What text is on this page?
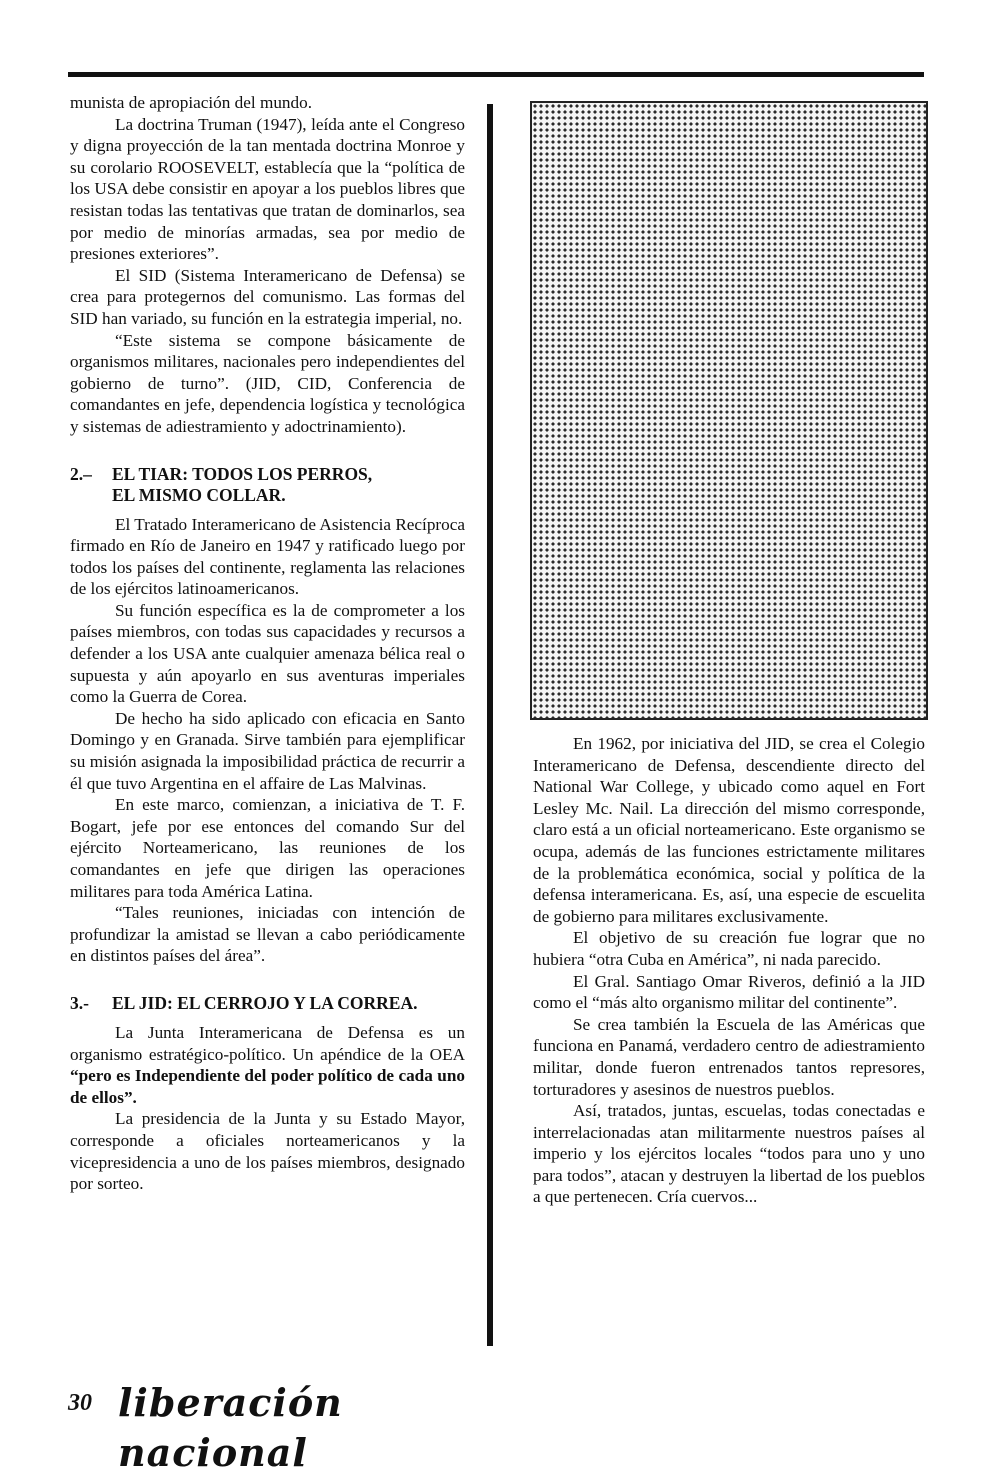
munista de apropiación del mundo.

La doctrina Truman (1947), leída ante el Congreso y digna proyección de la tan mentada doctrina Monroe y su corolario ROOSEVELT, establecía que la “política de los USA debe consistir en apoyar a los pueblos libres que resistan todas las tentativas que tratan de dominarlos, sea por medio de minorías armadas, sea por medio de presiones exteriores”.

El SID (Sistema Interamericano de Defensa) se crea para protegernos del comunismo. Las formas del SID han variado, su función en la estrategia imperial, no.

“Este sistema se compone básicamente de organismos militares, nacionales pero independientes del gobierno de turno”. (JID, CID, Conferencia de comandantes en jefe, dependencia logística y tecnológica y sistemas de adiestramiento y adoctrinamiento).

2.– EL TIAR: TODOS LOS PERROS,
EL MISMO COLLAR.

El Tratado Interamericano de Asistencia Recíproca firmado en Río de Janeiro en 1947 y ratificado luego por todos los países del continente, reglamenta las relaciones de los ejércitos latinoamericanos.

Su función específica es la de comprometer a los países miembros, con todas sus capacidades y recursos a defender a los USA ante cualquier amenaza bélica real o supuesta y aún apoyarlo en sus aventuras imperiales como la Guerra de Corea.

De hecho ha sido aplicado con eficacia en Santo Domingo y en Granada. Sirve también para ejemplificar su misión asignada la imposibilidad práctica de recurrir a él que tuvo Argentina en el affaire de Las Malvinas.

En este marco, comienzan, a iniciativa de T. F. Bogart, jefe por ese entonces del comando Sur del ejército Norteamericano, las reuniones de los comandantes en jefe que dirigen las operaciones militares para toda América Latina.

“Tales reuniones, iniciadas con intención de profundizar la amistad se llevan a cabo periódicamente en distintos países del área”.

3.- EL JID: EL CERROJO Y LA CORREA.

La Junta Interamericana de Defensa es un organismo estratégico-político. Un apéndice de la OEA “pero es Independiente del poder político de cada uno de ellos”.

La presidencia de la Junta y su Estado Mayor, corresponde a oficiales norteamericanos y la vicepresidencia a uno de los países miembros, designado por sorteo.

En 1962, por iniciativa del JID, se crea el Colegio Interamericano de Defensa, descendiente directo del National War College, y ubicado como aquel en Fort Lesley Mc. Nail. La dirección del mismo corresponde, claro está a un oficial norteamericano. Este organismo se ocupa, además de las funciones estrictamente militares de la problemática económica, social y política de la defensa interamericana. Es, así, una especie de escuelita de gobierno para militares exclusivamente.

El objetivo de su creación fue lograr que no hubiera “otra Cuba en América”, ni nada parecido.

El Gral. Santiago Omar Riveros, definió a la JID como el “más alto organismo militar del continente”.

Se crea también la Escuela de las Américas que funciona en Panamá, verdadero centro de adiestramiento militar, donde fueron entrenados tantos represores, torturadores y asesinos de nuestros pueblos.

Así, tratados, juntas, escuelas, todas conectadas e interrelacionadas atan militarmente nuestros países al imperio y los ejércitos locales “todos para uno y uno para todos”, atacan y destruyen la libertad de los pueblos a que pertenecen. Cría cuervos...

30 liberación nacional
